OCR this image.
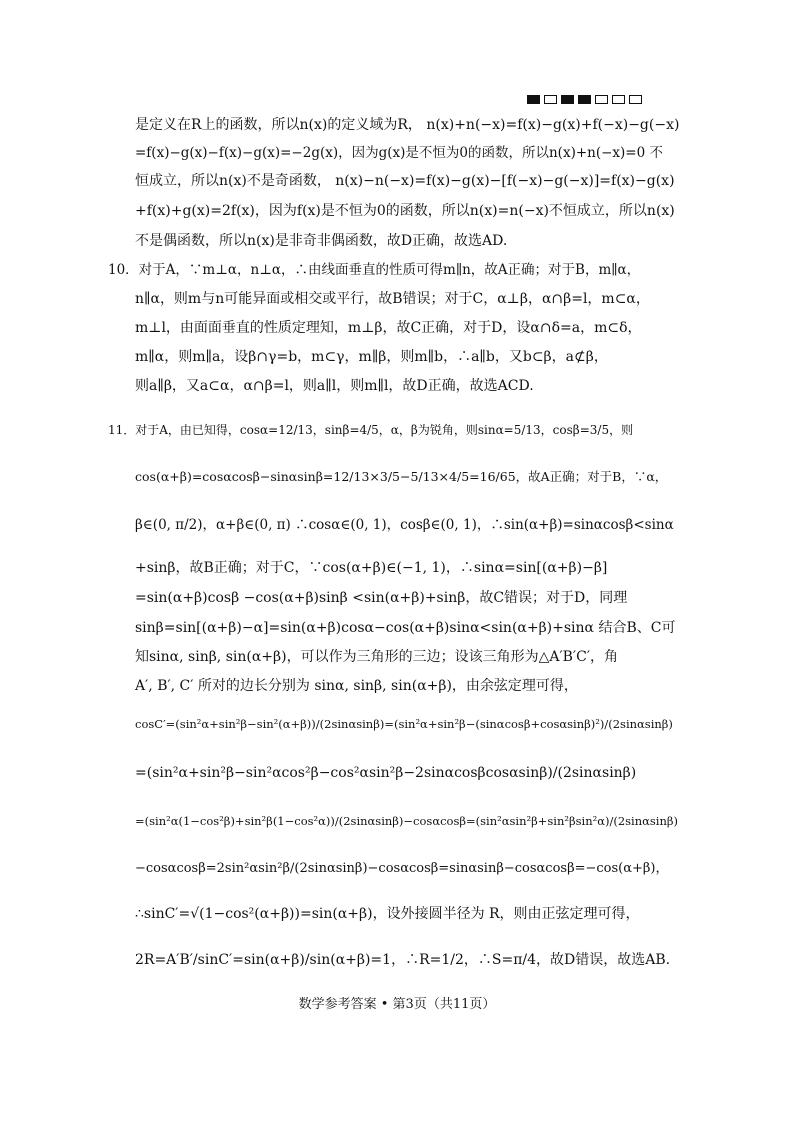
是定义在R上的函数，所以n(x)的定义域为R， n(x)+n(−x)=f(x)−g(x)+f(−x)−g(−x)
=f(x)−g(x)−f(x)−g(x)=−2g(x)，因为g(x)是不恒为0的函数，所以n(x)+n(−x)=0 不
恒成立，所以n(x)不是奇函数， n(x)−n(−x)=f(x)−g(x)−[f(−x)−g(−x)]=f(x)−g(x)
+f(x)+g(x)=2f(x)，因为f(x)是不恒为0的函数，所以n(x)=n(−x)不恒成立，所以n(x)
不是偶函数，所以n(x)是非奇非偶函数，故D正确，故选AD.
10．对于A，∵m⊥α，n⊥α，∴由线面垂直的性质可得m∥n，故A正确；对于B，m∥α，
n∥α，则m与n可能异面或相交或平行，故B错误；对于C，α⊥β，α∩β=l，m⊂α，
m⊥l，由面面垂直的性质定理知，m⊥β，故C正确，对于D，设α∩δ=a，m⊂δ，
m∥α，则m∥a，设β∩γ=b，m⊂γ，m∥β，则m∥b，∴a∥b，又b⊂β，a⊄β，
则a∥β，又a⊂α，α∩β=l，则a∥l，则m∥l，故D正确，故选ACD.
11．对于A，由已知得，cosα=12/13，sinβ=4/5，α，β为锐角，则sinα=5/13，cosβ=3/5，则
cos(α+β)=cosαcosβ−sinαsinβ=12/13×3/5−5/13×4/5=16/65，故A正确；对于B，∵α，
β∈(0, π/2)，α+β∈(0, π) ∴cosα∈(0, 1)，cosβ∈(0, 1)，∴sin(α+β)=sinαcosβ<sinα
+sinβ，故B正确；对于C，∵cos(α+β)∈(−1, 1)，∴sinα=sin[(α+β)−β]
=sin(α+β)cosβ −cos(α+β)sinβ <sin(α+β)+sinβ，故C错误；对于D，同理
sinβ=sin[(α+β)−α]=sin(α+β)cosα−cos(α+β)sinα<sin(α+β)+sinα 结合B、C可
知sinα, sinβ, sin(α+β)，可以作为三角形的三边；设该三角形为△A′B′C′，角
A′, B′, C′ 所对的边长分别为 sinα, sinβ, sin(α+β)，由余弦定理可得，
cosC′=(sin²α+sin²β−sin²(α+β))/(2sinαsinβ)=(sin²α+sin²β−(sinαcosβ+cosαsinβ)²)/(2sinαsinβ)
=(sin²α+sin²β−sin²αcos²β−cos²αsin²β−2sinαcosβcosαsinβ)/(2sinαsinβ)
=(sin²α(1−cos²β)+sin²β(1−cos²α))/(2sinαsinβ)−cosαcosβ=(sin²αsin²β+sin²βsin²α)/(2sinαsinβ)
−cosαcosβ=2sin²αsin²β/(2sinαsinβ)−cosαcosβ=sinαsinβ−cosαcosβ=−cos(α+β)，
∴sinC′=√(1−cos²(α+β))=sin(α+β)，设外接圆半径为 R，则由正弦定理可得，
2R=A′B′/sinC′=sin(α+β)/sin(α+β)=1，∴R=1/2，∴S=π/4，故D错误，故选AB.
数学参考答案 • 第3页（共11页）
